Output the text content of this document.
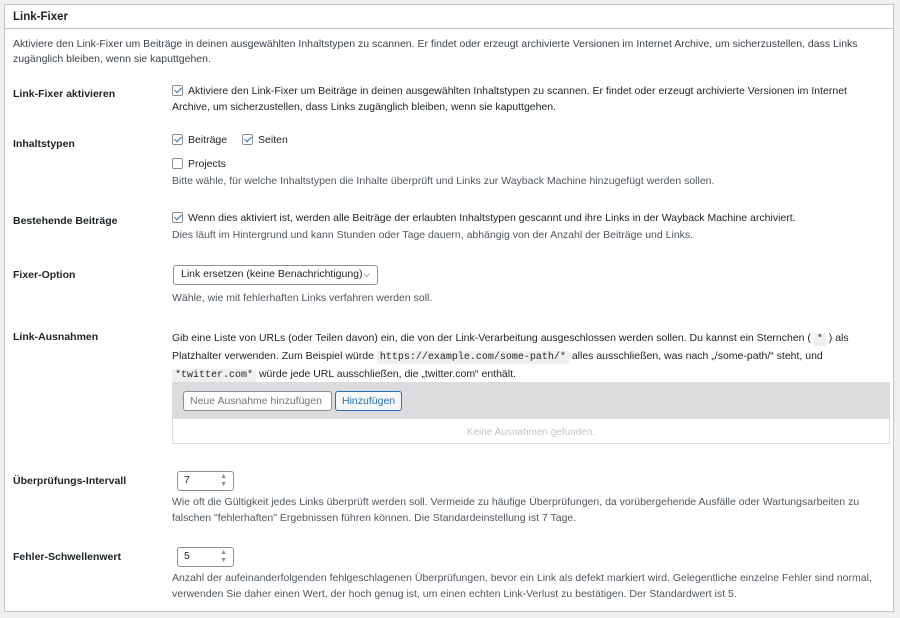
Link-Fixer
Aktiviere den Link-Fixer um Beiträge in deinen ausgewählten Inhaltstypen zu scannen. Er findet oder erzeugt archivierte Versionen im Internet Archive, um sicherzustellen, dass Links zugänglich bleiben, wenn sie kaputtgehen.
Link-Fixer aktivieren	Aktiviere den Link-Fixer um Beiträge in deinen ausgewählten Inhaltstypen zu scannen. Er findet oder erzeugt archivierte Versionen im Internet Archive, um sicherzustellen, dass Links zugänglich bleiben, wenn sie kaputtgehen.
Inhaltstypen	Beiträge	Seiten
Projects
Bitte wähle, für welche Inhaltstypen die Inhalte überprüft und Links zur Wayback Machine hinzugefügt werden sollen.
Bestehende Beiträge	Wenn dies aktiviert ist, werden alle Beiträge der erlaubten Inhaltstypen gescannt und ihre Links in der Wayback Machine archiviert.
Dies läuft im Hintergrund und kann Stunden oder Tage dauern, abhängig von der Anzahl der Beiträge und Links.
Fixer-Option	Link ersetzen (keine Benachrichtigung) ⌵
Wähle, wie mit fehlerhaften Links verfahren werden soll.
Link-Ausnahmen	Gib eine Liste von URLs (oder Teilen davon) ein, die von der Link-Verarbeitung ausgeschlossen werden sollen. Du kannst ein Sternchen ( * ) als Platzhalter verwenden. Zum Beispiel würde https://example.com/some-path/* alles ausschließen, was nach „/some-path/“ steht, und *twitter.com* würde jede URL ausschließen, die „twitter.com“ enthält.
Neue Ausnahme hinzufügen (
Hinzufügen
Keine Ausnahmen gefunden.
Überprüfungs-Intervall	7	▲
▼
Wie oft die Gültigkeit jedes Links überprüft werden soll. Vermeide zu häufige Überprüfungen, da vorübergehende Ausfälle oder Wartungsarbeiten zu falschen "fehlerhaften" Ergebnissen führen können. Die Standardeinstellung ist 7 Tage.
Fehler-Schwellenwert	5	▲
▼
Anzahl der aufeinanderfolgenden fehlgeschlagenen Überprüfungen, bevor ein Link als defekt markiert wird. Gelegentliche einzelne Fehler sind normal, verwenden Sie daher einen Wert, der hoch genug ist, um einen echten Link-Verlust zu bestätigen. Der Standardwert ist 5.
